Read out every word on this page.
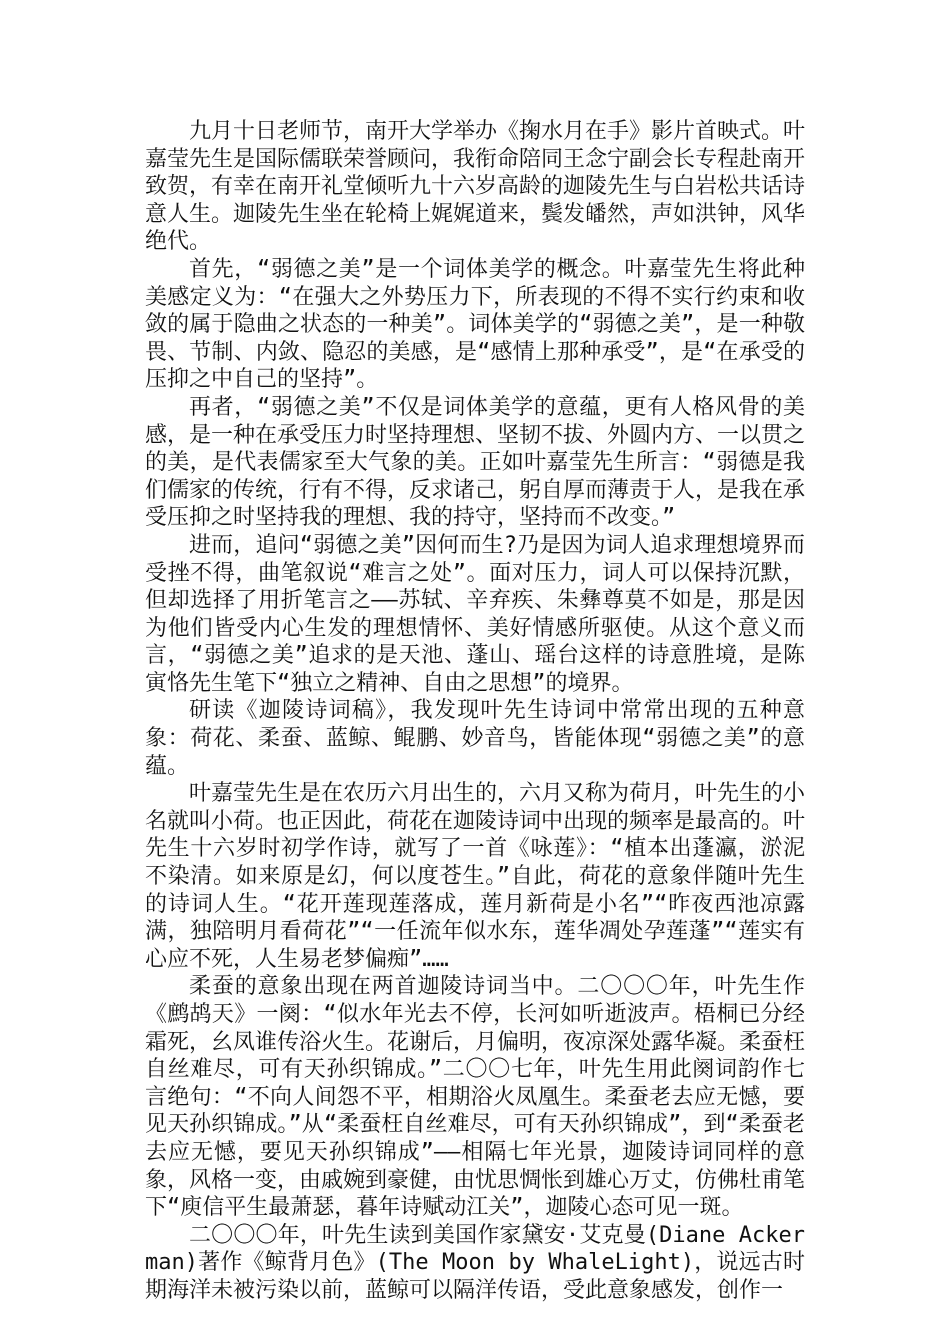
九月十日老师节，南开大学举办《掬水月在手》影片首映式。叶嘉莹先生是国际儒联荣誉顾问，我衔命陪同王念宁副会长专程赴南开致贺，有幸在南开礼堂倾听九十六岁高龄的迦陵先生与白岩松共话诗意人生。迦陵先生坐在轮椅上娓娓道来，鬓发皤然，声如洪钟，风华绝代。

首先，“弱德之美”是一个词体美学的概念。叶嘉莹先生将此种美感定义为：“在强大之外势压力下，所表现的不得不实行约束和收敛的属于隐曲之状态的一种美”。词体美学的“弱德之美”，是一种敬畏、节制、内敛、隐忍的美感，是“感情上那种承受”，是“在承受的压抑之中自己的坚持”。

再者，“弱德之美”不仅是词体美学的意蕴，更有人格风骨的美感，是一种在承受压力时坚持理想、坚韧不拔、外圆内方、一以贯之的美，是代表儒家至大气象的美。正如叶嘉莹先生所言：“弱德是我们儒家的传统，行有不得，反求诸己，躬自厚而薄责于人，是我在承受压抑之时坚持我的理想、我的持守，坚持而不改变。”

进而，追问“弱德之美”因何而生?乃是因为词人追求理想境界而受挫不得，曲笔叙说“难言之处”。面对压力，词人可以保持沉默，但却选择了用折笔言之——苏轼、辛弃疾、朱彝尊莫不如是，那是因为他们皆受内心生发的理想情怀、美好情感所驱使。从这个意义而言，“弱德之美”追求的是天池、蓬山、瑶台这样的诗意胜境，是陈寅恪先生笔下“独立之精神、自由之思想”的境界。

研读《迦陵诗词稿》，我发现叶先生诗词中常常出现的五种意象：荷花、柔蚕、蓝鲸、鲲鹏、妙音鸟，皆能体现“弱德之美”的意蕴。

叶嘉莹先生是在农历六月出生的，六月又称为荷月，叶先生的小名就叫小荷。也正因此，荷花在迦陵诗词中出现的频率是最高的。叶先生十六岁时初学作诗，就写了一首《咏莲》：“植本出蓬瀛，淤泥不染清。如来原是幻，何以度苍生。”自此，荷花的意象伴随叶先生的诗词人生。“花开莲现莲落成，莲月新荷是小名”“昨夜西池凉露满，独陪明月看荷花”“一任流年似水东，莲华凋处孕莲蓬”“莲实有心应不死，人生易老梦偏痴”……

柔蚕的意象出现在两首迦陵诗词当中。二〇〇〇年，叶先生作《鹧鸪天》一阕：“似水年光去不停，长河如听逝波声。梧桐已分经霜死，幺凤谁传浴火生。花谢后，月偏明，夜凉深处露华凝。柔蚕枉自丝难尽，可有天孙织锦成。”二〇〇七年，叶先生用此阕词韵作七言绝句：“不向人间怨不平，相期浴火凤凰生。柔蚕老去应无憾，要见天孙织锦成。”从“柔蚕枉自丝难尽，可有天孙织锦成”，到“柔蚕老去应无憾，要见天孙织锦成”——相隔七年光景，迦陵诗词同样的意象，风格一变，由戚婉到豪健，由忧思惆怅到雄心万丈，仿佛杜甫笔下“庾信平生最萧瑟，暮年诗赋动江关”，迦陵心态可见一斑。

二〇〇〇年，叶先生读到美国作家黛安·艾克曼(Diane Ackerman)著作《鲸背月色》(The Moon by WhaleLight)，说远古时期海洋未被污染以前，蓝鲸可以隔洋传语，受此意象感发，创作一
